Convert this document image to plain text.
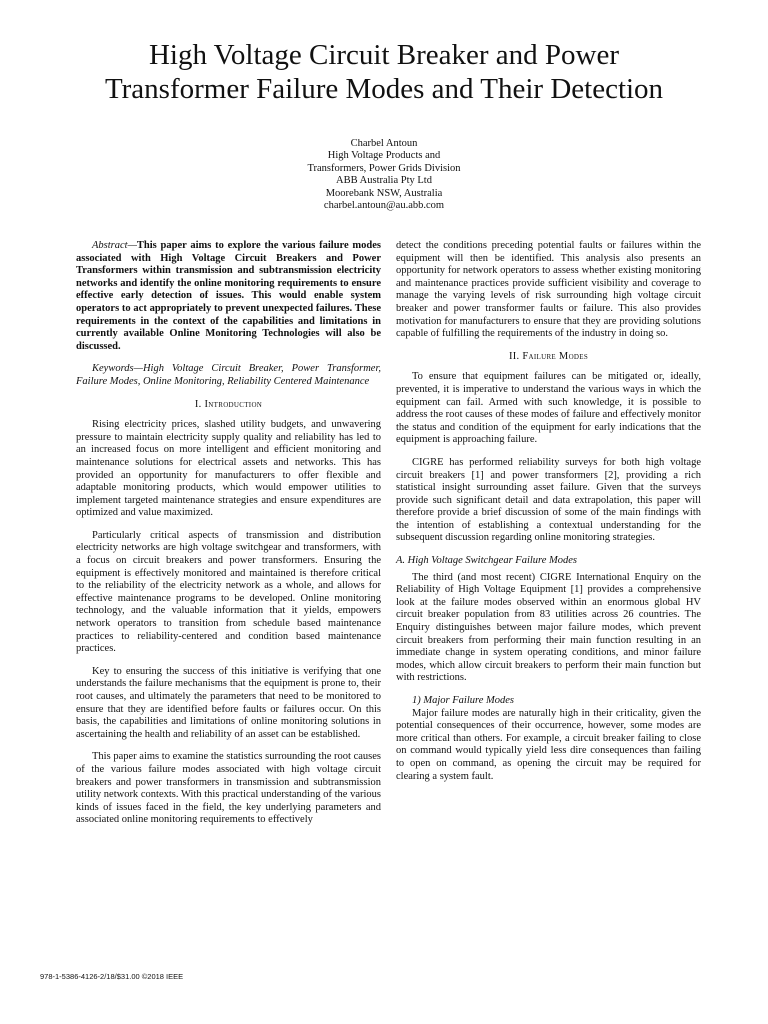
High Voltage Circuit Breaker and Power
Transformer Failure Modes and Their Detection
Charbel Antoun
High Voltage Products and
Transformers, Power Grids Division
ABB Australia Pty Ltd
Moorebank NSW, Australia
charbel.antoun@au.abb.com

Abstract—This paper aims to explore the various failure modes associated with High Voltage Circuit Breakers and Power Transformers within transmission and subtransmission electricity networks and identify the online monitoring requirements to ensure effective early detection of issues. This would enable system operators to act appropriately to prevent unexpected failures. These requirements in the context of the capabilities and limitations in currently available Online Monitoring Technologies will also be discussed.

Keywords—High Voltage Circuit Breaker, Power Transformer, Failure Modes, Online Monitoring, Reliability Centered Maintenance

I. Introduction

Rising electricity prices, slashed utility budgets, and unwavering pressure to maintain electricity supply quality and reliability has led to an increased focus on more intelligent and efficient monitoring and maintenance solutions for electrical assets and networks. This has provided an opportunity for manufacturers to offer flexible and adaptable monitoring products, which would empower utilities to implement targeted maintenance strategies and ensure expenditures are optimized and value maximized.

Particularly critical aspects of transmission and distribution electricity networks are high voltage switchgear and transformers, with a focus on circuit breakers and power transformers. Ensuring the equipment is effectively monitored and maintained is therefore critical to the reliability of the electricity network as a whole, and allows for effective maintenance programs to be developed. Online monitoring technology, and the valuable information that it yields, empowers network operators to transition from schedule based maintenance practices to reliability-centered and condition based maintenance practices.

Key to ensuring the success of this initiative is verifying that one understands the failure mechanisms that the equipment is prone to, their root causes, and ultimately the parameters that need to be monitored to ensure that they are identified before faults or failures occur. On this basis, the capabilities and limitations of online monitoring solutions in ascertaining the health and reliability of an asset can be established.

This paper aims to examine the statistics surrounding the root causes of the various failure modes associated with high voltage circuit breakers and power transformers in transmission and subtransmission utility network contexts. With this practical understanding of the various kinds of issues faced in the field, the key underlying parameters and associated online monitoring requirements to effectively

detect the conditions preceding potential faults or failures within the equipment will then be identified. This analysis also presents an opportunity for network operators to assess whether existing monitoring and maintenance practices provide sufficient visibility and coverage to manage the varying levels of risk surrounding high voltage circuit breaker and power transformer faults or failure. This also provides motivation for manufacturers to ensure that they are providing solutions capable of fulfilling the requirements of the industry in doing so.

II. Failure Modes

To ensure that equipment failures can be mitigated or, ideally, prevented, it is imperative to understand the various ways in which the equipment can fail. Armed with such knowledge, it is possible to address the root causes of these modes of failure and effectively monitor the status and condition of the equipment for early indications that the equipment is approaching failure.

CIGRE has performed reliability surveys for both high voltage circuit breakers [1] and power transformers [2], providing a rich statistical insight surrounding asset failure. Given that the surveys provide such significant detail and data extrapolation, this paper will therefore provide a brief discussion of some of the main findings with the intention of establishing a contextual understanding for the subsequent discussion regarding online monitoring strategies.

A. High Voltage Switchgear Failure Modes

The third (and most recent) CIGRE International Enquiry on the Reliability of High Voltage Equipment [1] provides a comprehensive look at the failure modes observed within an enormous global HV circuit breaker population from 83 utilities across 26 countries. The Enquiry distinguishes between major failure modes, which prevent circuit breakers from performing their main function resulting in an immediate change in system operating conditions, and minor failure modes, which allow circuit breakers to perform their main function but with restrictions.

1) Major Failure Modes

Major failure modes are naturally high in their criticality, given the potential consequences of their occurrence, however, some modes are more critical than others. For example, a circuit breaker failing to close on command would typically yield less dire consequences than failing to open on command, as opening the circuit may be required for clearing a system fault.

978-1-5386-4126-2/18/$31.00 ©2018 IEEE
